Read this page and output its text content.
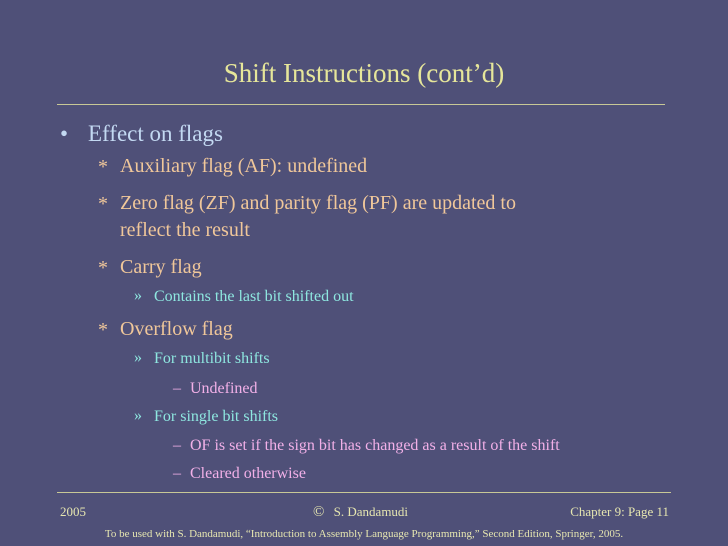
Shift Instructions (cont’d)
• Effect on flags
* Auxiliary flag (AF): undefined
* Zero flag (ZF) and parity flag (PF) are updated to
reflect the result
* Carry flag
» Contains the last bit shifted out
* Overflow flag
» For multibit shifts
– Undefined
» For single bit shifts
– OF is set if the sign bit has changed as a result of the shift
– Cleared otherwise
2005	© S. Dandamudi	Chapter 9: Page 11
To be used with S. Dandamudi, “Introduction to Assembly Language Programming,” Second Edition, Springer, 2005.
